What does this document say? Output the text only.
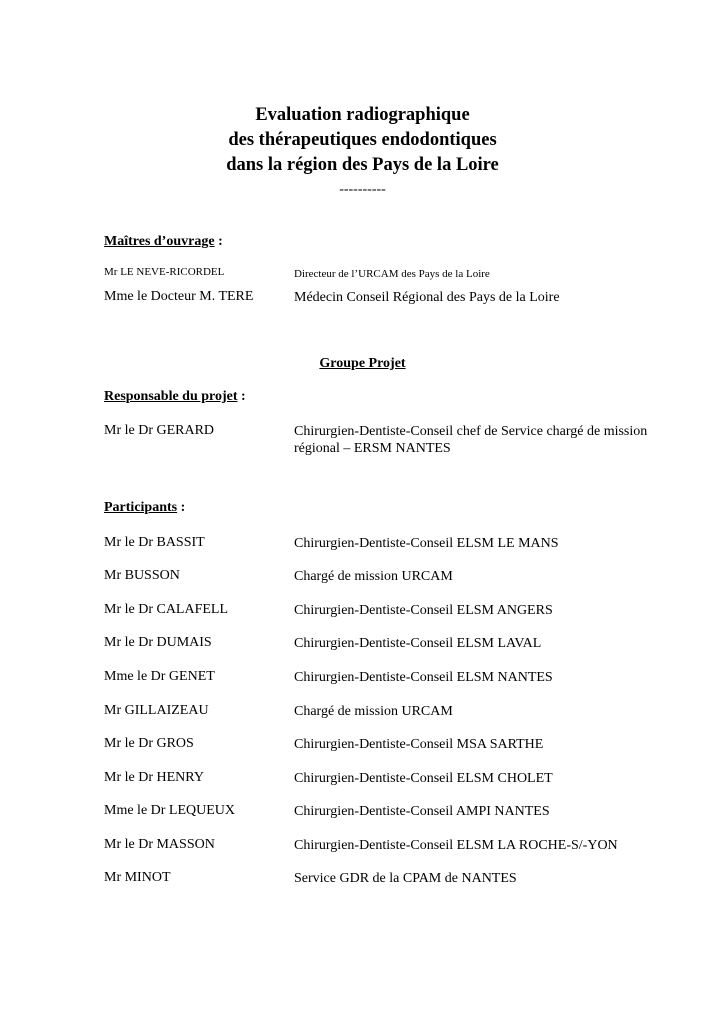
Evaluation radiographique
des thérapeutiques endodontiques
dans la région des Pays de la Loire
----------
Maîtres d’ouvrage :
Mr LE NEVE-RICORDEL	Directeur de l’URCAM des Pays de la Loire
Mme le Docteur M. TERE	Médecin Conseil Régional des Pays de la Loire
Groupe Projet
Responsable du projet :
Mr le Dr GERARD	Chirurgien-Dentiste-Conseil chef de Service chargé de mission régional – ERSM NANTES
Participants :
Mr le Dr BASSIT	Chirurgien-Dentiste-Conseil ELSM LE MANS
Mr BUSSON	Chargé de mission URCAM
Mr le Dr CALAFELL	Chirurgien-Dentiste-Conseil ELSM ANGERS
Mr le Dr DUMAIS	Chirurgien-Dentiste-Conseil ELSM LAVAL
Mme le Dr GENET	Chirurgien-Dentiste-Conseil ELSM NANTES
Mr GILLAIZEAU	Chargé de mission URCAM
Mr le Dr GROS	Chirurgien-Dentiste-Conseil MSA SARTHE
Mr le Dr HENRY	Chirurgien-Dentiste-Conseil ELSM CHOLET
Mme le Dr LEQUEUX	Chirurgien-Dentiste-Conseil AMPI NANTES
Mr le Dr MASSON	Chirurgien-Dentiste-Conseil ELSM LA ROCHE-S/-YON
Mr MINOT	Service GDR de la CPAM de NANTES
